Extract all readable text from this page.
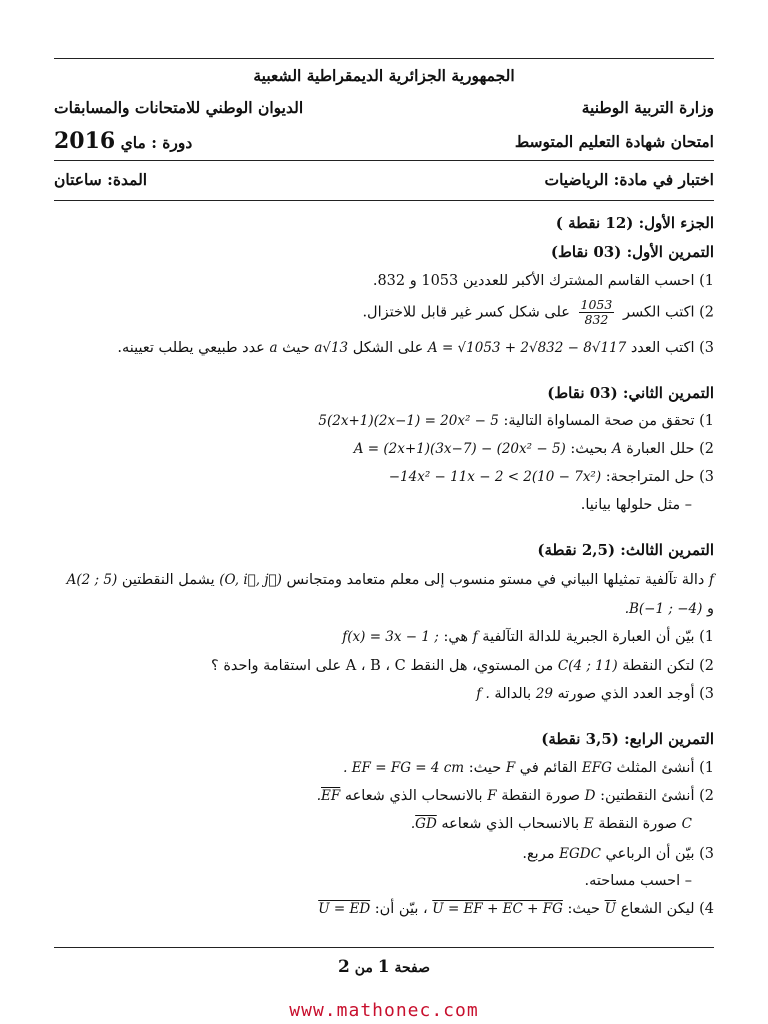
الجمهورية الجزائرية الديمقراطية الشعبية
وزارة التربية الوطنية
الديوان الوطني للامتحانات والمسابقات
امتحان شهادة التعليم المتوسط
دورة : ماي 2016
اختبار في مادة: الرياضيات
المدة: ساعتان
الجزء الأول: (12 نقطة )
التمرين الأول: (03 نقاط)
1) احسب القاسم المشترك الأكبر للعددين 1053 و 832.
2) اكتب الكسر
$\frac{1053}{832}$
على شكل كسر غير قابل للاختزال.
3) اكتب العدد A = √1053 + 2√832 − 8√117 على الشكل a√13 حيث a عدد طبيعي يطلب تعيينه.
التمرين الثاني: (03 نقاط)
1) تحقق من صحة المساواة التالية: 5(2x+1)(2x−1) = 20x² − 5
2) حلل العبارة A بحيث: A = (2x+1)(3x−7) − (20x² − 5)
3) حل المتراجحة: −14x² − 11x − 2 < 2(10 − 7x²)
– مثل حلولها بيانيا.
التمرين الثالث: (2,5 نقطة)
f دالة تآلفية تمثيلها البياني في مستو منسوب إلى معلم متعامد ومتجانس (O, i⃗, j⃗) يشمل النقطتين A(2 ; 5)
و .B(−1 ; −4)
1) بيّن أن العبارة الجبرية للدالة التآلفية f هي: f(x) = 3x − 1 ;
2) لتكن النقطة C(4 ; 11) من المستوي، هل النقط A ، B ، C على استقامة واحدة ؟
3) أوجد العدد الذي صورته 29 بالدالة f .
التمرين الرابع: (3,5 نقطة)
1) أنشئ المثلث EFG القائم في F حيث: . EF = FG = 4 cm
2) أنشئ النقطتين: D صورة النقطة F بالانسحاب الذي شعاعه $\overline{EF}$.
C صورة النقطة E بالانسحاب الذي شعاعه $\overline{GD}$.
3) بيّن أن الرباعي EGDC مربع.
– احسب مساحته.
4) ليكن الشعاع $\overline{U}$ حيث: U = EF + EC + FG ، بيّن أن: U = ED
صفحة 1 من 2
www.mathonec.com
